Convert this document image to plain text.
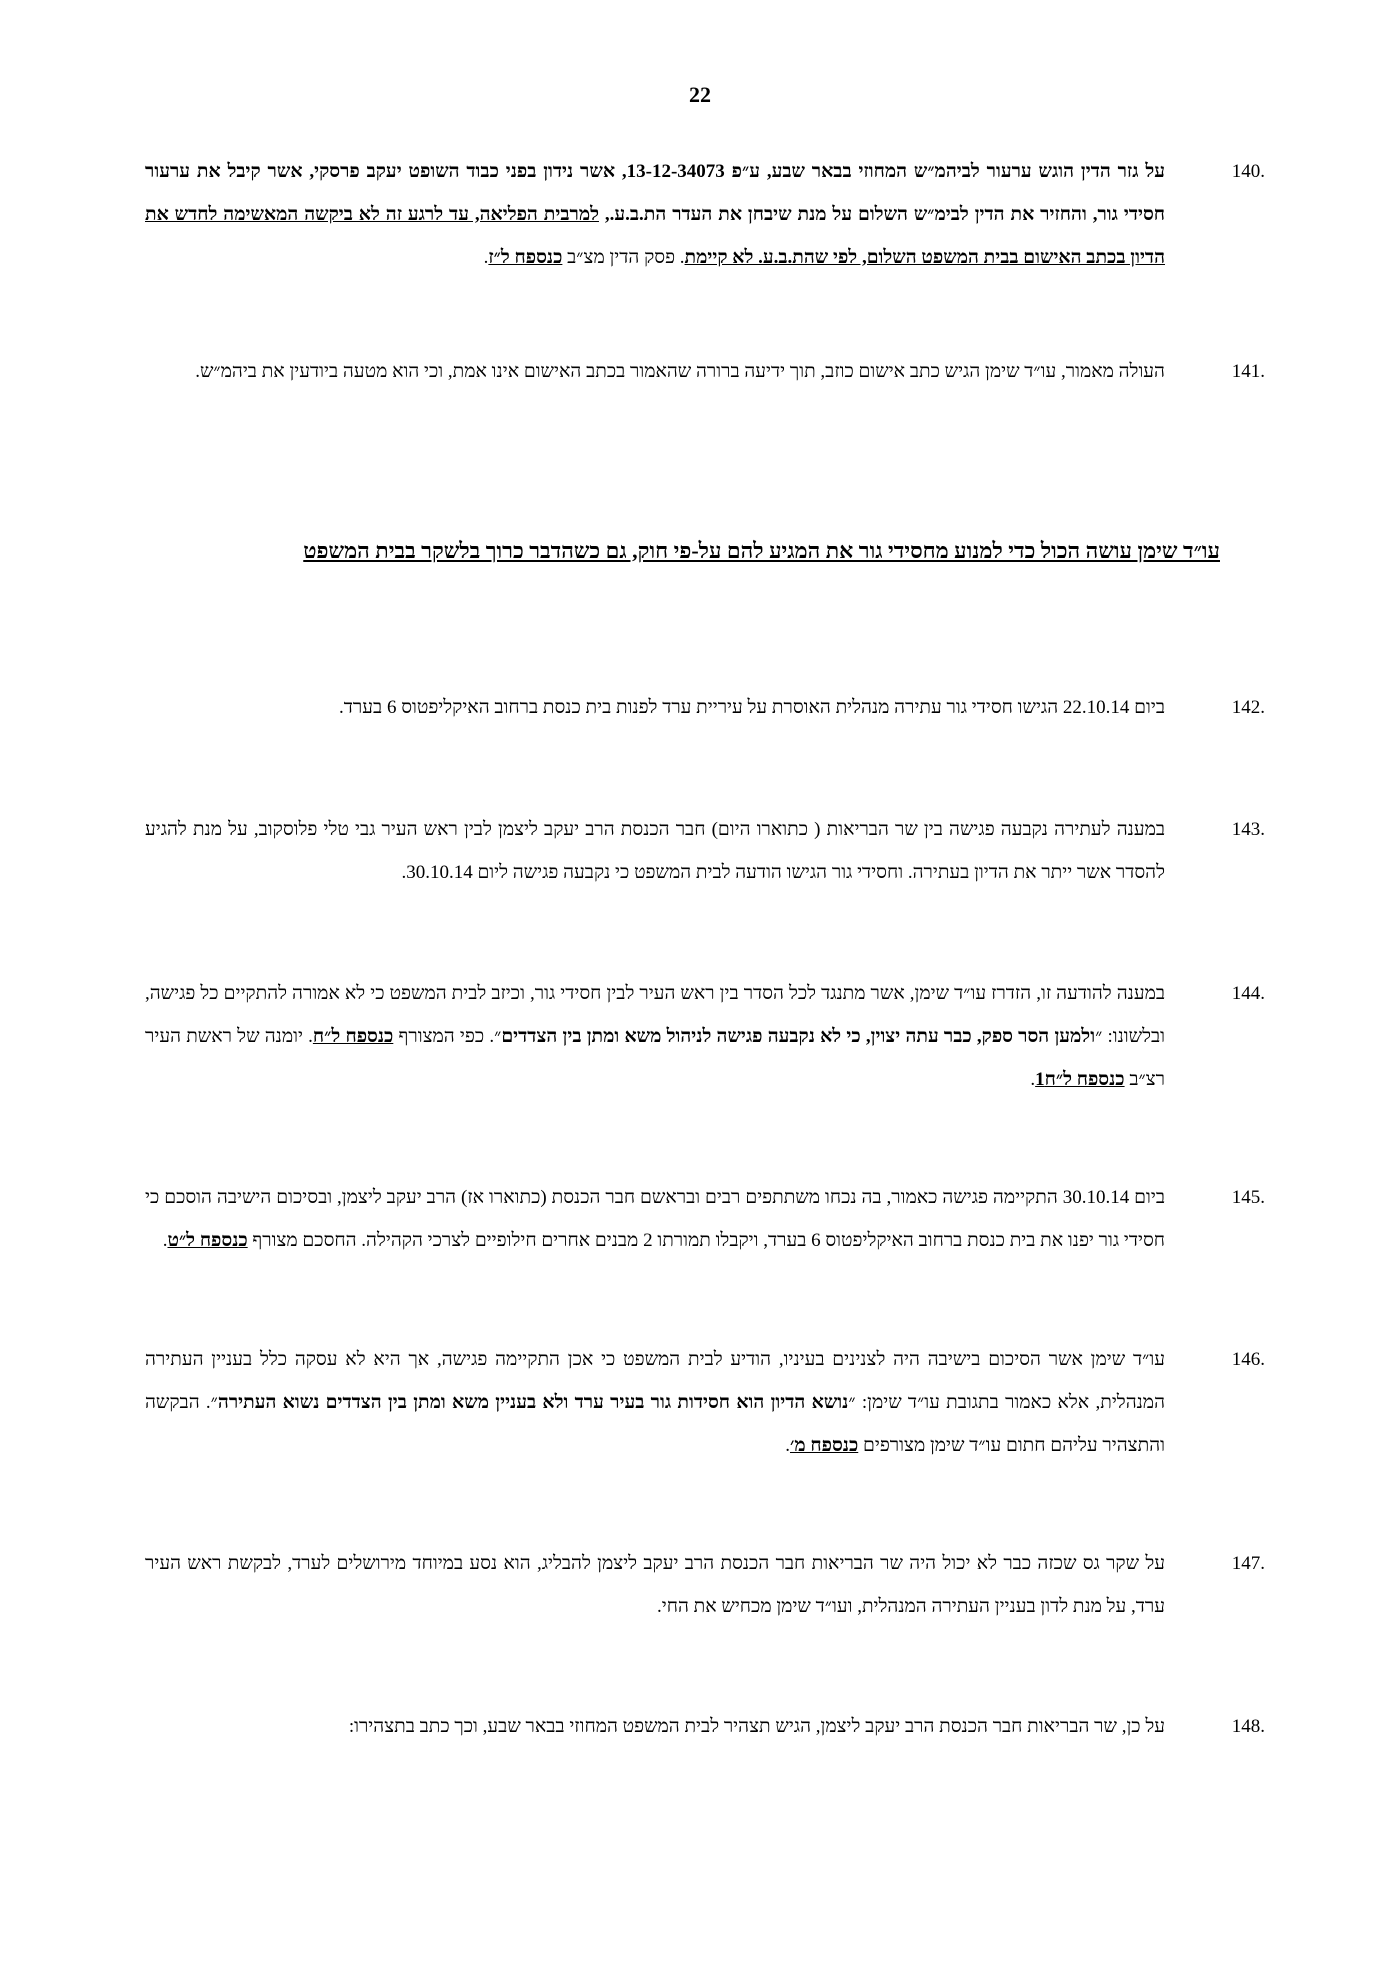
22
140.
על גזר הדין הוגש ערעור לביהמ״ש המחוזי בבאר שבע, ע״פ 13-12-34073, אשר נידון בפני כבוד השופט יעקב פרסקי, אשר קיבל את ערעור חסידי גור, והחזיר את הדין לבימ״ש השלום על מנת שיבחן את העדר הת.ב.ע., למרבית הפליאה, עד לרגע זה לא ביקשה המאשימה לחדש את הדיון בכתב האישום בבית המשפט השלום, לפי שהת.ב.ע. לא קיימת. פסק הדין מצ״ב כנספח ל״ז.
141.
העולה מאמור, עו״ד שימן הגיש כתב אישום כוזב, תוך ידיעה ברורה שהאמור בכתב האישום אינו אמת, וכי הוא מטעה ביודעין את ביהמ״ש.
עו״ד שימן עושה הכול כדי למנוע מחסידי גור את המגיע להם על-פי חוק, גם כשהדבר כרוך בלשקר בבית המשפט
142.
ביום 22.10.14 הגישו חסידי גור עתירה מנהלית האוסרת על עיריית ערד לפנות בית כנסת ברחוב האיקליפטוס 6 בערד.
143.
במענה לעתירה נקבעה פגישה בין שר הבריאות ( כתוארו היום) חבר הכנסת הרב יעקב ליצמן לבין ראש העיר גבי טלי פלוסקוב, על מנת להגיע להסדר אשר ייתר את הדיון בעתירה. וחסידי גור הגישו הודעה לבית המשפט כי נקבעה פגישה ליום 30.10.14.
144.
במענה להודעה זו, הזדרז עו״ד שימן, אשר מתנגד לכל הסדר בין ראש העיר לבין חסידי גור, וכיזב לבית המשפט כי לא אמורה להתקיים כל פגישה, ובלשונו: ״ולמען הסר ספק, כבר עתה יצוין, כי לא נקבעה פגישה לניהול משא ומתן בין הצדדים״. כפי המצורף כנספח ל״ח. יומנה של ראשת העיר רצ״ב כנספח ל״ח1.
145.
ביום 30.10.14 התקיימה פגישה כאמור, בה נכחו משתתפים רבים ובראשם חבר הכנסת (כתוארו אז) הרב יעקב ליצמן, ובסיכום הישיבה הוסכם כי חסידי גור יפנו את בית כנסת ברחוב האיקליפטוס 6 בערד, ויקבלו תמורתו 2 מבנים אחרים חילופיים לצרכי הקהילה. החסכם מצורף כנספח ל״ט.
146.
עו״ד שימן אשר הסיכום בישיבה היה לצנינים בעיניו, הודיע לבית המשפט כי אכן התקיימה פגישה, אך היא לא עסקה כלל בעניין העתירה המנהלית, אלא כאמור בתגובת עו״ד שימן: ״נושא הדיון הוא חסידות גור בעיר ערד ולא בעניין משא ומתן בין הצדדים נשוא העתירה״. הבקשה והתצהיר עליהם חתום עו״ד שימן מצורפים כנספח מ׳.
147.
על שקר גס שכזה כבר לא יכול היה שר הבריאות חבר הכנסת הרב יעקב ליצמן להבליג, הוא נסע במיוחד מירושלים לערד, לבקשת ראש העיר ערד, על מנת לדון בעניין העתירה המנהלית, ועו״ד שימן מכחיש את החי.
148.
על כן, שר הבריאות חבר הכנסת הרב יעקב ליצמן, הגיש תצהיר לבית המשפט המחוזי בבאר שבע, וכך כתב בתצהירו:
